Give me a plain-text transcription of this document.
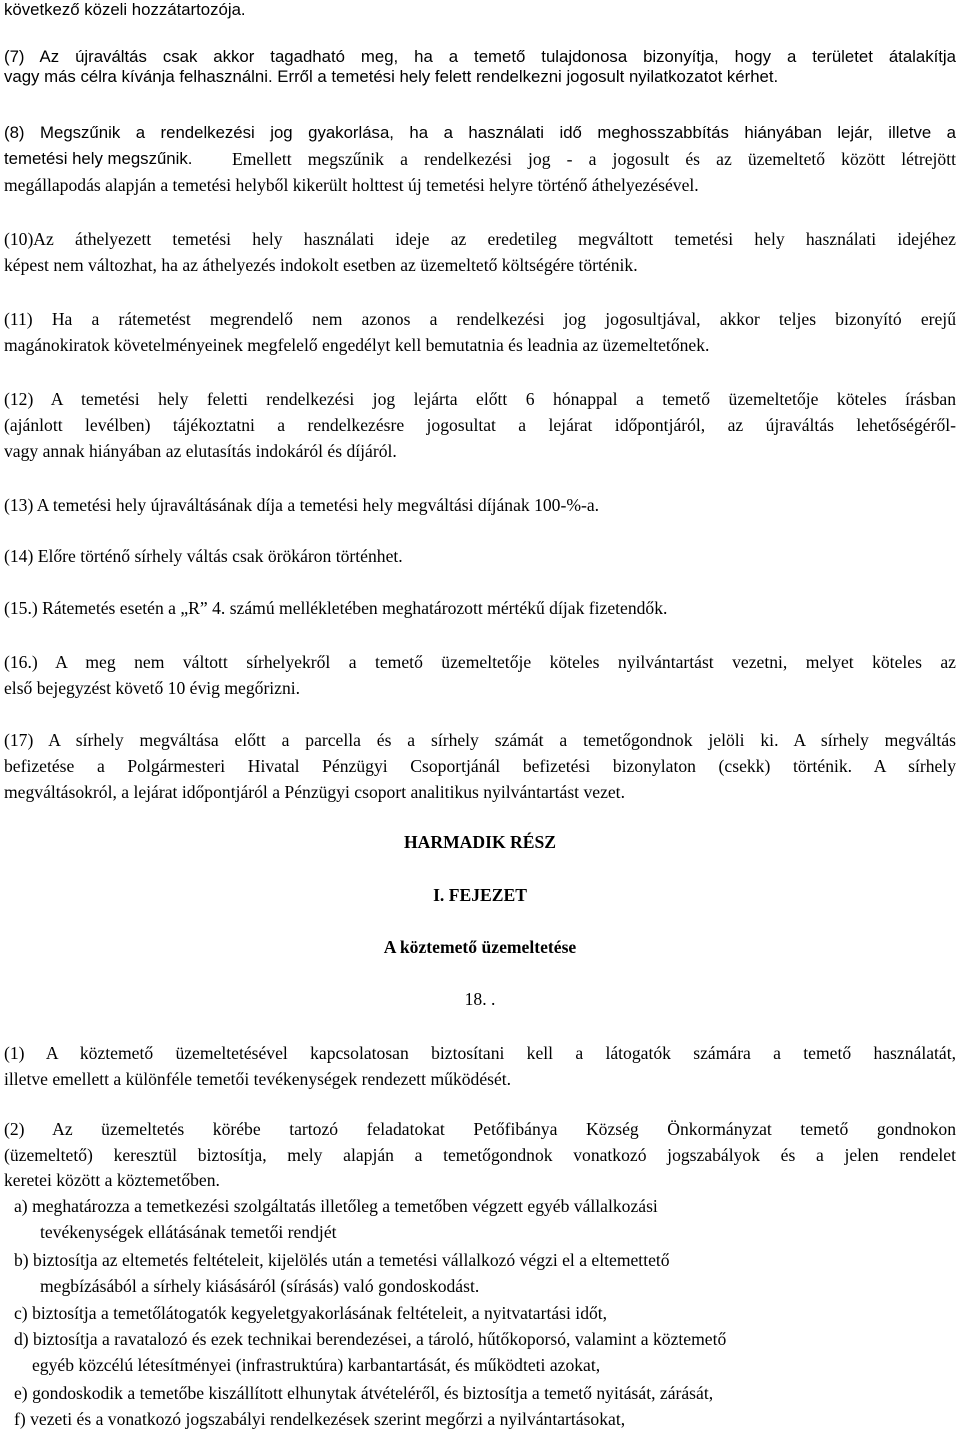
következő közeli hozzátartozója.
(7) Az újraváltás csak akkor tagadható meg, ha a temető tulajdonosa bizonyítja, hogy a területet átalakítja
vagy más célra kívánja felhasználni. Erről a temetési hely felett rendelkezni jogosult nyilatkozatot kérhet.
(8) Megszűnik a rendelkezési jog gyakorlása, ha a használati idő meghosszabbítás hiányában lejár, illetve a
temetési hely megszűnik. Emellett megszűnik a rendelkezési jog - a jogosult és az üzemeltető között létrejött
megállapodás alapján a temetési helyből kikerült holttest új temetési helyre történő áthelyezésével.
(10)Az áthelyezett temetési hely használati ideje az eredetileg megváltott temetési hely használati idejéhez
képest nem változhat, ha az áthelyezés indokolt esetben az üzemeltető költségére történik.
(11) Ha a rátemetést megrendelő nem azonos a rendelkezési jog jogosultjával, akkor teljes bizonyító erejű
magánokiratok követelményeinek megfelelő engedélyt kell bemutatnia és leadnia az üzemeltetőnek.
(12) A temetési hely feletti rendelkezési jog lejárta előtt 6 hónappal a temető üzemeltetője köteles írásban
(ajánlott levélben) tájékoztatni a rendelkezésre jogosultat a lejárat időpontjáról, az újraváltás lehetőségéről-
vagy annak hiányában az elutasítás indokáról és díjáról.
(13) A temetési hely újraváltásának díja a temetési hely megváltási díjának 100-%-a.
(14) Előre történő sírhely váltás csak örökáron történhet.
(15.) Rátemetés esetén a „R” 4. számú mellékletében meghatározott mértékű díjak fizetendők.
(16.) A meg nem váltott sírhelyekről a temető üzemeltetője köteles nyilvántartást vezetni, melyet köteles az
első bejegyzést követő 10 évig megőrizni.
(17) A sírhely megváltása előtt a parcella és a sírhely számát a temetőgondnok jelöli ki. A sírhely megváltás
befizetése a Polgármesteri Hivatal Pénzügyi Csoportjánál befizetési bizonylaton (csekk) történik. A sírhely
megváltásokról, a lejárat időpontjáról a Pénzügyi csoport analitikus nyilvántartást vezet.
HARMADIK RÉSZ
I. FEJEZET
A köztemető üzemeltetése
18. .
(1) A köztemető üzemeltetésével kapcsolatosan biztosítani kell a látogatók számára a temető használatát,
illetve emellett a különféle temetői tevékenységek rendezett működését.
(2) Az üzemeltetés körébe tartozó feladatokat Petőfibánya Község Önkormányzat temető gondnokon
(üzemeltető) keresztül biztosítja, mely alapján a temetőgondnok vonatkozó jogszabályok és a jelen rendelet
keretei között a köztemetőben.
a) meghatározza a temetkezési szolgáltatás illetőleg a temetőben végzett egyéb vállalkozási
tevékenységek ellátásának temetői rendjét
b) biztosítja az eltemetés feltételeit, kijelölés után a temetési vállalkozó végzi el a eltemettető
megbízásából a sírhely kiásásáról (sírásás) való gondoskodást.
c) biztosítja a temetőlátogatók kegyeletgyakorlásának feltételeit, a nyitvatartási időt,
d) biztosítja a ravatalozó és ezek technikai berendezései, a tároló, hűtőkoporsó, valamint a köztemető
egyéb közcélú létesítményei (infrastruktúra) karbantartását, és működteti azokat,
e) gondoskodik a temetőbe kiszállított elhunytak átvételéről, és biztosítja a temető nyitását, zárását,
f) vezeti és a vonatkozó jogszabályi rendelkezések szerint megőrzi a nyilvántartásokat,
